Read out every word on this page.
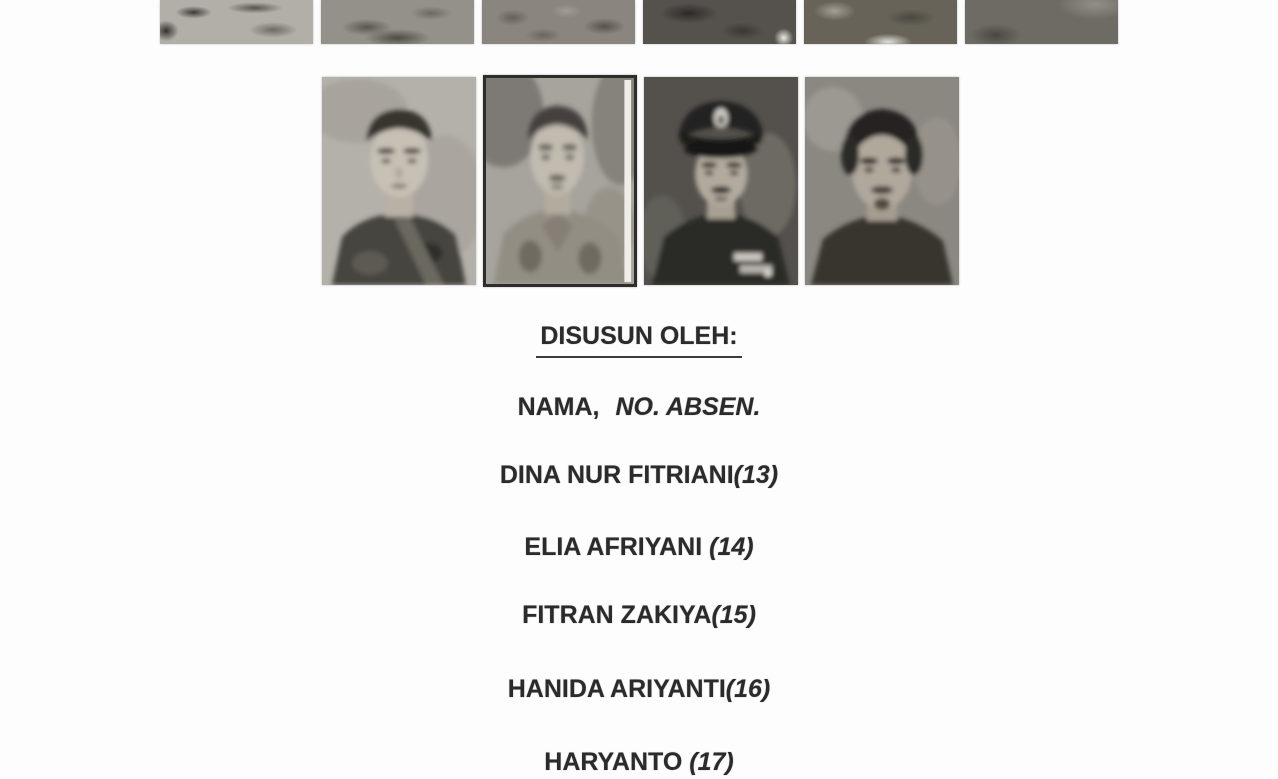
DISUSUN OLEH:
NAMA, NO. ABSEN.
DINA NUR FITRIANI(13)
ELIA AFRIYANI (14)
FITRAN ZAKIYA(15)
HANIDA ARIYANTI(16)
HARYANTO (17)
